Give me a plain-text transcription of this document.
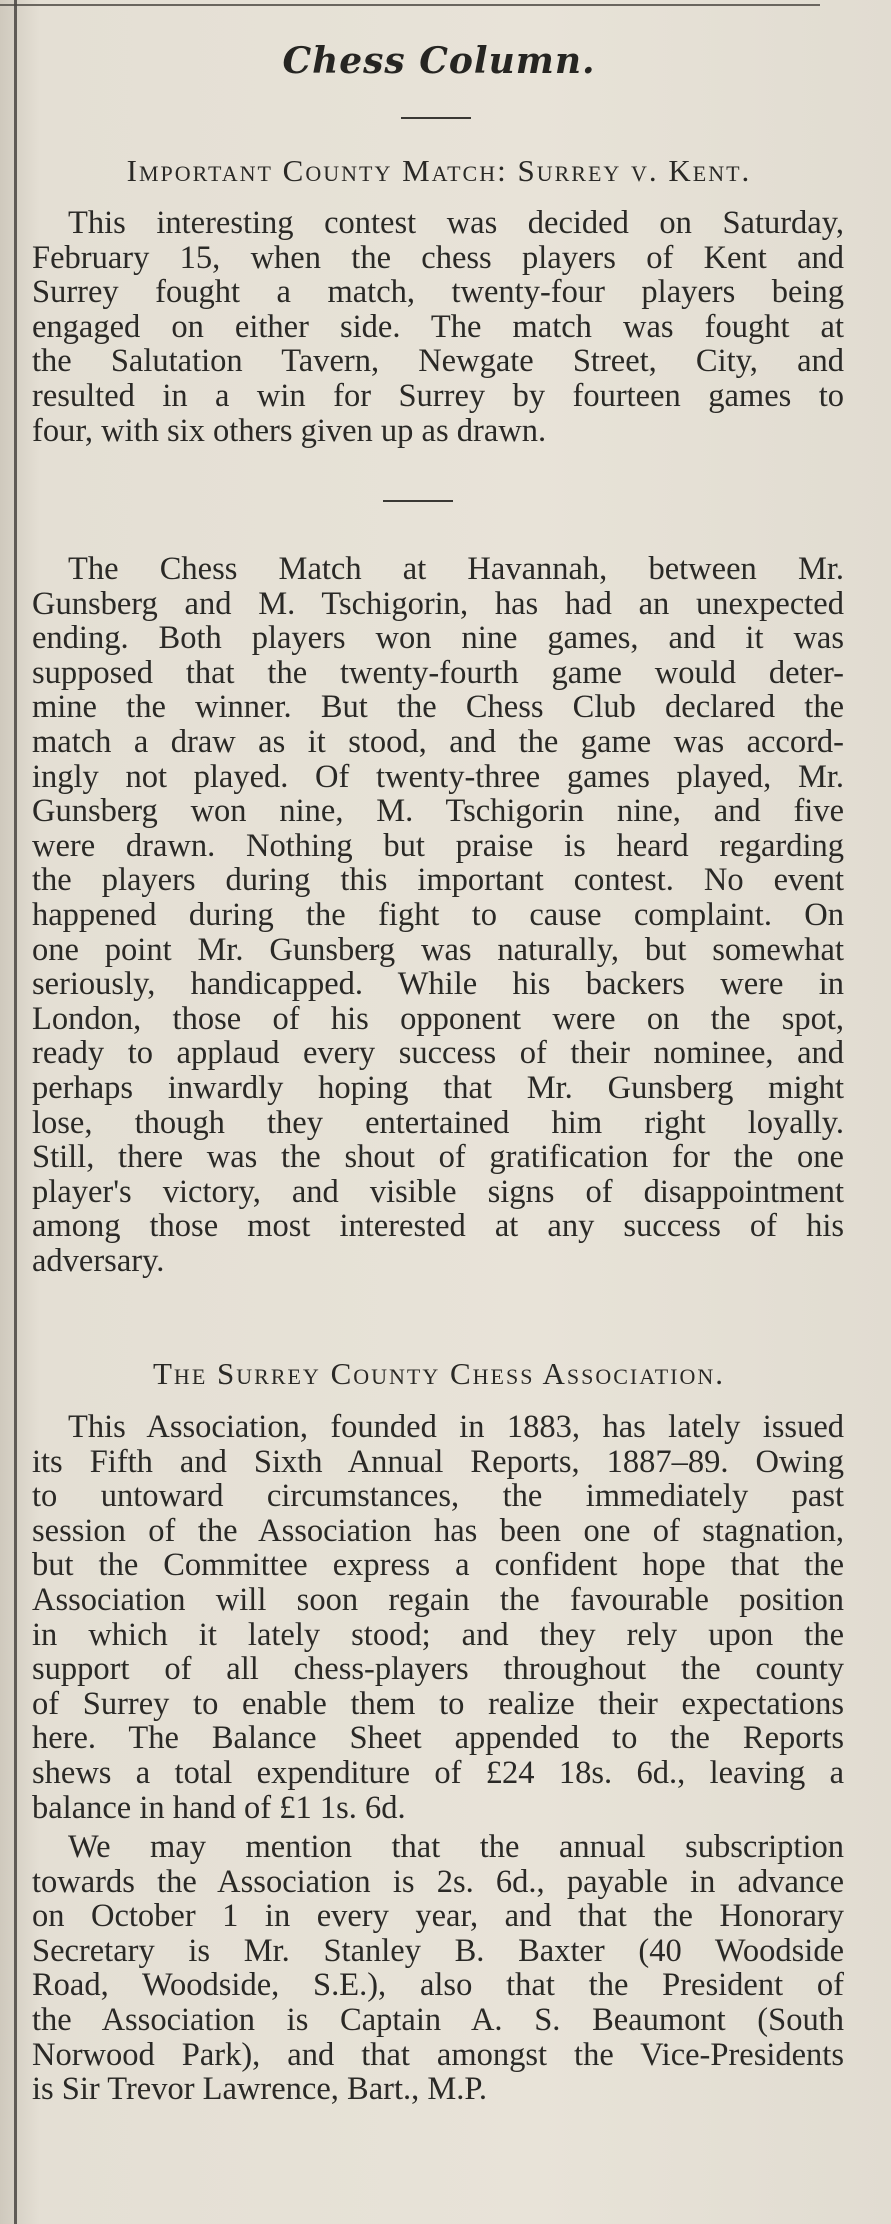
Chess Column.
Important County Match: Surrey v. Kent.
This interesting contest was decided on Saturday,
February 15, when the chess players of Kent and
Surrey fought a match, twenty-four players being
engaged on either side. The match was fought at
the Salutation Tavern, Newgate Street, City, and
resulted in a win for Surrey by fourteen games to
four, with six others given up as drawn.
The Chess Match at Havannah, between Mr.
Gunsberg and M. Tschigorin, has had an unexpected
ending. Both players won nine games, and it was
supposed that the twenty-fourth game would deter-
mine the winner. But the Chess Club declared the
match a draw as it stood, and the game was accord-
ingly not played. Of twenty-three games played, Mr.
Gunsberg won nine, M. Tschigorin nine, and five
were drawn. Nothing but praise is heard regarding
the players during this important contest. No event
happened during the fight to cause complaint. On
one point Mr. Gunsberg was naturally, but somewhat
seriously, handicapped. While his backers were in
London, those of his opponent were on the spot,
ready to applaud every success of their nominee, and
perhaps inwardly hoping that Mr. Gunsberg might
lose, though they entertained him right loyally.
Still, there was the shout of gratification for the one
player's victory, and visible signs of disappointment
among those most interested at any success of his
adversary.
The Surrey County Chess Association.
This Association, founded in 1883, has lately issued
its Fifth and Sixth Annual Reports, 1887–89. Owing
to untoward circumstances, the immediately past
session of the Association has been one of stagnation,
but the Committee express a confident hope that the
Association will soon regain the favourable position
in which it lately stood; and they rely upon the
support of all chess-players throughout the county
of Surrey to enable them to realize their expectations
here. The Balance Sheet appended to the Reports
shews a total expenditure of £24 18s. 6d., leaving a
balance in hand of £1 1s. 6d.
We may mention that the annual subscription
towards the Association is 2s. 6d., payable in advance
on October 1 in every year, and that the Honorary
Secretary is Mr. Stanley B. Baxter (40 Woodside
Road, Woodside, S.E.), also that the President of
the Association is Captain A. S. Beaumont (South
Norwood Park), and that amongst the Vice-Presidents
is Sir Trevor Lawrence, Bart., M.P.
